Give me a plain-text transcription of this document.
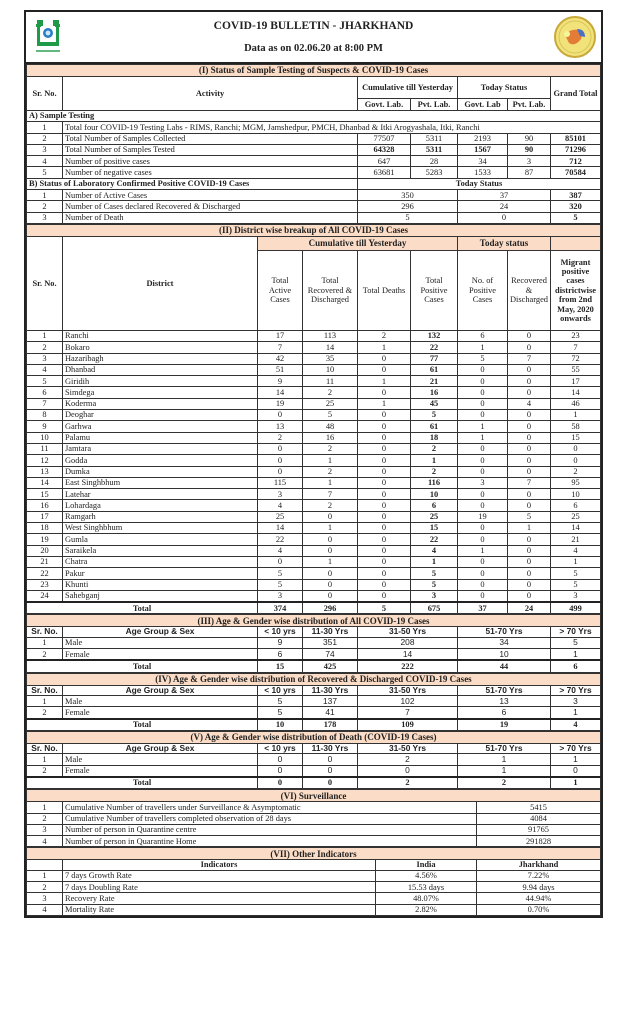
COVID-19 BULLETIN - JHARKHAND
Data as on 02.06.20 at 8:00 PM
(I) Status of Sample Testing of Suspects & COVID-19 Cases						
Sr. No.	Activity	Cumulative till Yesterday		Today Status		Grand Total
		Govt. Lab.	Pvt. Lab.	Govt. Lab	Pvt. Lab.	
A) Sample Testing						
1	Total four COVID-19 Testing Labs - RIMS, Ranchi; MGM, Jamshedpur, PMCH, Dhanbad & Itki Arogyashala, Itki, Ranchi					
2	Total Number of Samples Collected	77507	5311	2193	90	85101
3	Total Number of Samples Tested	64328	5311	1567	90	71296
4	Number of positive cases	647	28	34	3	712
5	Number of negative cases	63681	5283	1533	87	70584
B) Status of Laboratory Confirmed Positive COVID-19 Cases		Today Status				
1	Number of Active Cases	350		37		387
2	Number of Cases declared Recovered & Discharged	296		24		320
3	Number of Death	5		0		5
(II) District wise breakup of All COVID-19 Cases								
Sr. No.	District	Cumulative till Yesterday				Today status		
		Total Active Cases	Total Recovered & Discharged	Total Deaths	Total Positive Cases	No. of Positive Cases	Recovered & Discharged	Migrant positive cases districtwise from 2nd May, 2020 onwards
1	Ranchi	17	113	2	132	6	0	23
2	Bokaro	7	14	1	22	1	0	7
3	Hazaribagh	42	35	0	77	5	7	72
4	Dhanbad	51	10	0	61	0	0	55
5	Giridih	9	11	1	21	0	0	17
6	Simdega	14	2	0	16	0	0	14
7	Koderma	19	25	1	45	0	4	46
8	Deoghar	0	5	0	5	0	0	1
9	Garhwa	13	48	0	61	1	0	58
10	Palamu	2	16	0	18	1	0	15
11	Jamtara	0	2	0	2	0	0	0
12	Godda	0	1	0	1	0	0	0
13	Dumka	0	2	0	2	0	0	2
14	East Singhbhum	115	1	0	116	3	7	95
15	Latehar	3	7	0	10	0	0	10
16	Lohardaga	4	2	0	6	0	0	6
17	Ramgarh	25	0	0	25	19	5	25
18	West Singhbhum	14	1	0	15	0	1	14
19	Gumla	22	0	0	22	0	0	21
20	Saraikela	4	0	0	4	1	0	4
21	Chatra	0	1	0	1	0	0	1
22	Pakur	5	0	0	5	0	0	5
23	Khunti	5	0	0	5	0	0	5
24	Sahebganj	3	0	0	3	0	0	3
Total		374	296	5	675	37	24	499
(III) Age & Gender wise distribution of All COVID-19 Cases						
Sr. No.	Age Group & Sex	< 10 yrs	11-30 Yrs	31-50 Yrs	51-70 Yrs	> 70 Yrs
1	Male	9	351	208	34	5
2	Female	6	74	14	10	1
Total		15	425	222	44	6
(IV) Age & Gender wise distribution of Recovered & Discharged COVID-19 Cases						
Sr. No.	Age Group & Sex	< 10 yrs	11-30 Yrs	31-50 Yrs	51-70 Yrs	> 70 Yrs
1	Male	5	137	102	13	3
2	Female	5	41	7	6	1
Total		10	178	109	19	4
(V) Age & Gender wise distribution of Death (COVID-19 Cases)						
Sr. No.	Age Group & Sex	< 10 yrs	11-30 Yrs	31-50 Yrs	51-70 Yrs	> 70 Yrs
1	Male	0	0	2	1	1
2	Female	0	0	0	1	0
Total		0	0	2	2	1
(VI) Surveillance		
1	Cumulative Number of travellers under Surveillance & Asymptomatic	5415
2	Cumulative Number of travellers completed observation of 28 days	4084
3	Number of person in Quarantine centre	91765
4	Number of person in Quarantine Home	291828
(VII) Other Indicators			
	Indicators	India	Jharkhand
1	7 days Growth Rate	4.56%	7.22%
2	7 days Doubling Rate	15.53 days	9.94 days
3	Recovery Rate	48.07%	44.94%
4	Mortality Rate	2.82%	0.70%
